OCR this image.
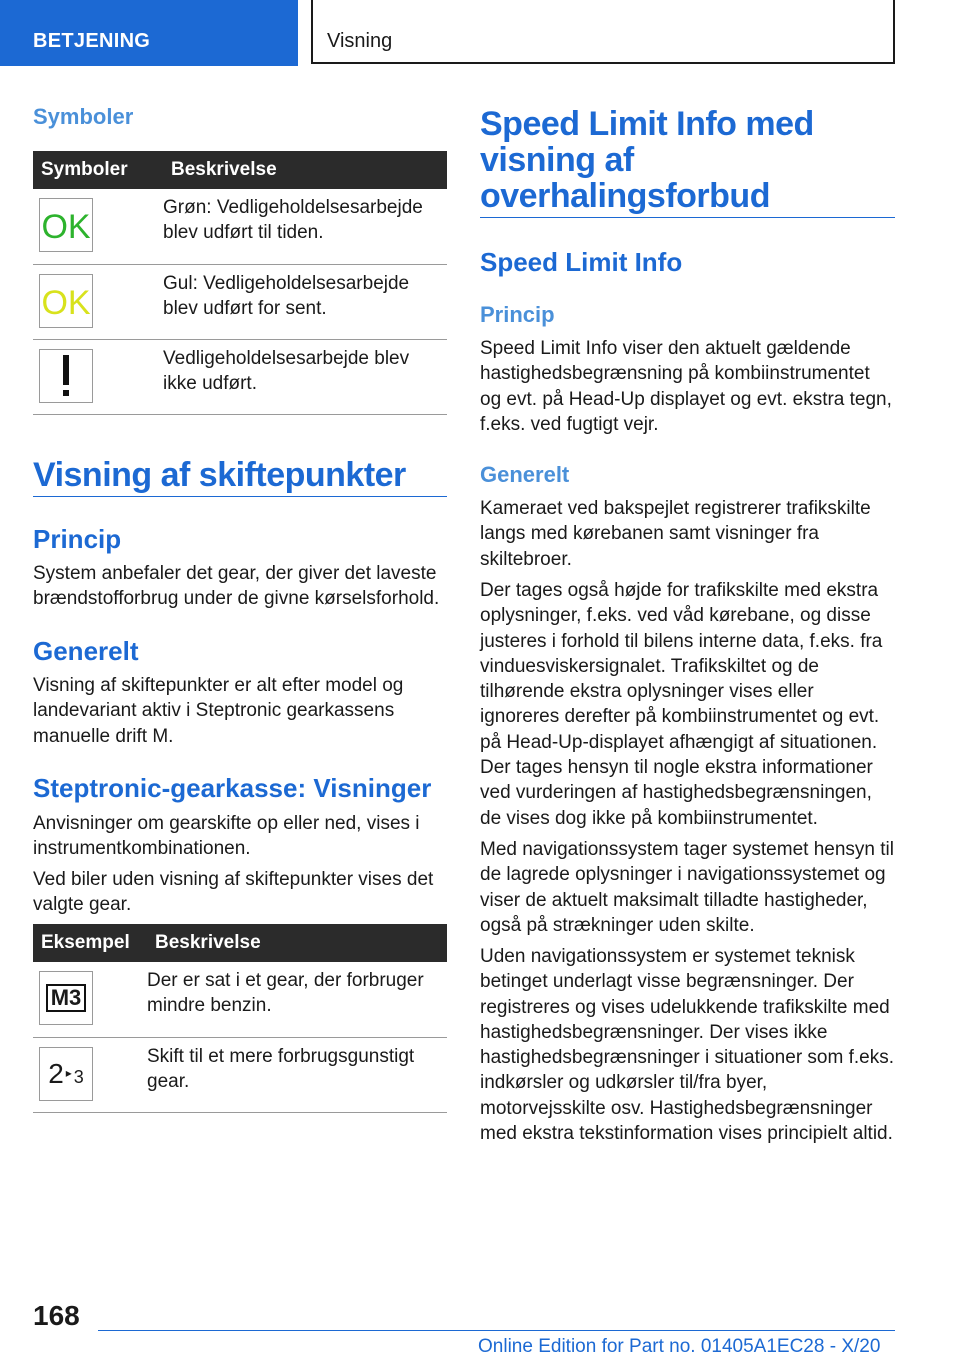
BETJENING	Visning
Symboler
Symboler	Beskrivelse

OK	Grøn: Vedligeholdelsesarbejde blev udført til tiden.

OK	Gul: Vedligeholdelsesarbejde blev udført for sent.

	Vedligeholdelsesarbejde blev ikke udført.
Visning af skiftepunkter
Princip

System anbefaler det gear, der giver det laveste brændstofforbrug under de givne kørselsforhold.

Generelt

Visning af skiftepunkter er alt efter model og landevariant aktiv i Steptronic gearkassens manuelle drift M.

Steptronic-gearkasse: Visninger

Anvisninger om gearskifte op eller ned, vises i instrumentkombinationen.

Ved biler uden visning af skiftepunkter vises det valgte gear.

Eksempel	Beskrivelse

M3	Der er sat i et gear, der forbruger mindre benzin.

2 ▸ 3	Skift til et mere forbrugsgunstigt gear.
Speed Limit Info med visning af overhalingsforbud
Speed Limit Info
Princip

Speed Limit Info viser den aktuelt gældende hastighedsbegrænsning på kombiinstrumentet og evt. på Head-Up displayet og evt. ekstra tegn, f.eks. ved fugtigt vejr.

Generelt

Kameraet ved bakspejlet registrerer trafikskilte langs med kørebanen samt visninger fra skiltebroer.

Der tages også højde for trafikskilte med ekstra oplysninger, f.eks. ved våd kørebane, og disse justeres i forhold til bilens interne data, f.eks. fra vinduesviskersignalet. Trafikskiltet og de tilhørende ekstra oplysninger vises eller ignoreres derefter på kombiinstrumentet og evt. på Head-Up-displayet afhængigt af situationen. Der tages hensyn til nogle ekstra informationer ved vurderingen af hastighedsbegrænsningen, de vises dog ikke på kombiinstrumentet.

Med navigationssystem tager systemet hensyn til de lagrede oplysninger i navigationssystemet og viser de aktuelt maksimalt tilladte hastigheder, også på strækninger uden skilte.

Uden navigationssystem er systemet teknisk betinget underlagt visse begrænsninger. Der registreres og vises udelukkende trafikskilte med hastighedsbegrænsninger. Der vises ikke hastighedsbegrænsninger i situationer som f.eks. indkørsler og udkørsler til/fra byer, motorvejsskilte osv. Hastighedsbegrænsninger med ekstra tekstinformation vises principielt altid.

168
Online Edition for Part no. 01405A1EC28 - X/20
